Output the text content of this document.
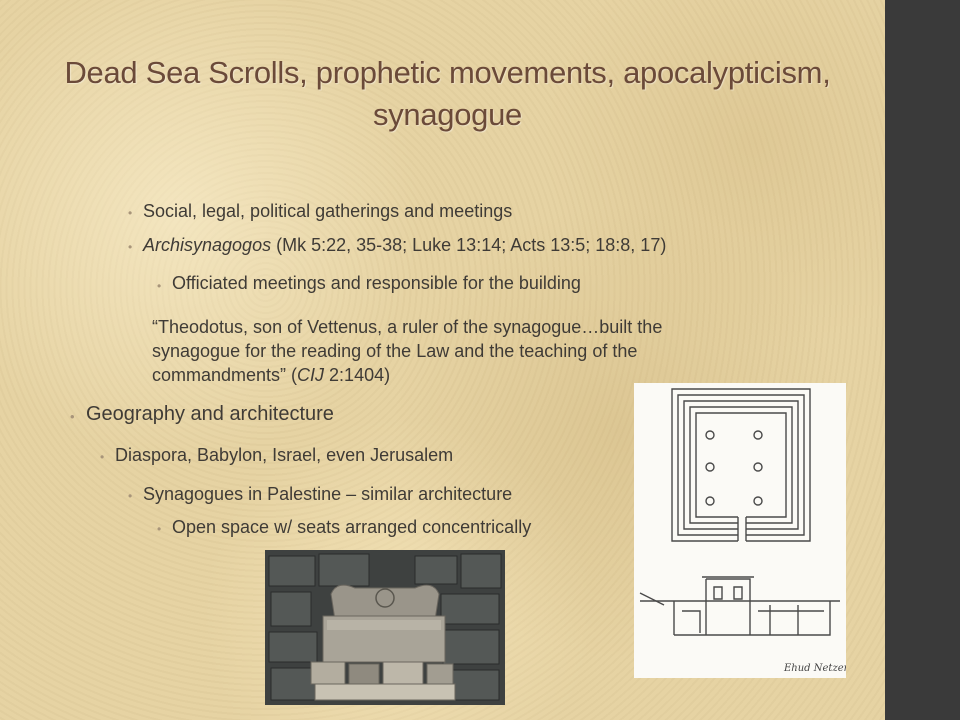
Dead Sea Scrolls, prophetic movements, apocalypticism,
synagogue
• Social, legal, political gatherings and meetings
• Archisynagogos (Mk 5:22, 35-38; Luke 13:14; Acts 13:5; 18:8, 17)
• Officiated meetings and responsible for the building
“Theodotus, son of Vettenus, a ruler of the synagogue…built the
synagogue for the reading of the Law and the teaching of the
commandments” (CIJ 2:1404)
• Geography and architecture
• Diaspora, Babylon, Israel, even Jerusalem
• Synagogues in Palestine – similar architecture
• Open space w/ seats arranged concentrically
Ehud Netzer
